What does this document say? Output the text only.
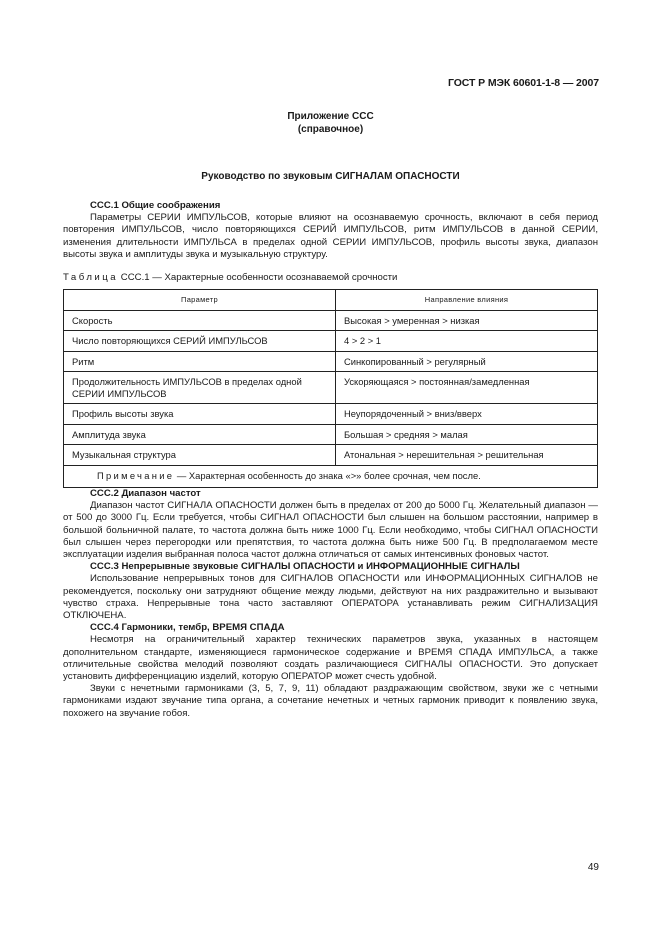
ГОСТ Р МЭК 60601-1-8 — 2007
Приложение ССС
(справочное)
Руководство по звуковым СИГНАЛАМ ОПАСНОСТИ

ССС.1 Общие соображения

Параметры СЕРИИ ИМПУЛЬСОВ, которые влияют на осознаваемую срочность, включают в себя период повторения ИМПУЛЬСОВ, число повторяющихся СЕРИЙ ИМПУЛЬСОВ, ритм ИМПУЛЬСОВ в данной СЕРИИ, изменения длительности ИМПУЛЬСА в пределах одной СЕРИИ ИМПУЛЬСОВ, профиль высоты звука, диапазон высоты звука и амплитуды звука и музыкальную структуру.

Таблица ССС.1 — Характерные особенности осознаваемой срочности
Параметр	Направление влияния
Скорость	Высокая > умеренная > низкая
Число повторяющихся СЕРИЙ ИМПУЛЬСОВ	4 > 2 > 1
Ритм	Синкопированный > регулярный
Продолжительность ИМПУЛЬСОВ в пределах одной СЕРИИ ИМПУЛЬСОВ	Ускоряющаяся > постоянная/замедленная
Профиль высоты звука	Неупорядоченный > вниз/вверх
Амплитуда звука	Большая > средняя > малая
Музыкальная структура	Атональная > нерешительная > решительная
Примечание — Характерная особенность до знака «>» более срочная, чем после.	

ССС.2 Диапазон частот

Диапазон частот СИГНАЛА ОПАСНОСТИ должен быть в пределах от 200 до 5000 Гц. Желательный диапазон — от 500 до 3000 Гц. Если требуется, чтобы СИГНАЛ ОПАСНОСТИ был слышен на большом расстоянии, например в большой больничной палате, то частота должна быть ниже 1000 Гц. Если необходимо, чтобы СИГНАЛ ОПАСНОСТИ был слышен через перегородки или препятствия, то частота должна быть ниже 500 Гц. В предполагаемом месте эксплуатации изделия выбранная полоса частот должна отличаться от самых интенсивных фоновых частот.

ССС.3 Непрерывные звуковые СИГНАЛЫ ОПАСНОСТИ и ИНФОРМАЦИОННЫЕ СИГНАЛЫ

Использование непрерывных тонов для СИГНАЛОВ ОПАСНОСТИ или ИНФОРМАЦИОННЫХ СИГНАЛОВ не рекомендуется, поскольку они затрудняют общение между людьми, действуют на них раздражительно и вызывают чувство страха. Непрерывные тона часто заставляют ОПЕРАТОРА устанавливать режим СИГНАЛИЗАЦИЯ ОТКЛЮЧЕНА.

ССС.4 Гармоники, тембр, ВРЕМЯ СПАДА

Несмотря на ограничительный характер технических параметров звука, указанных в настоящем дополнительном стандарте, изменяющиеся гармоническое содержание и ВРЕМЯ СПАДА ИМПУЛЬСА, а также отличительные свойства мелодий позволяют создать различающиеся СИГНАЛЫ ОПАСНОСТИ. Это допускает установить дифференциацию изделий, которую ОПЕРАТОР может счесть удобной.

Звуки с нечетными гармониками (3, 5, 7, 9, 11) обладают раздражающим свойством, звуки же с четными гармониками издают звучание типа органа, а сочетание нечетных и четных гармоник приводит к появлению звука, похожего на звучание гобоя.

49
